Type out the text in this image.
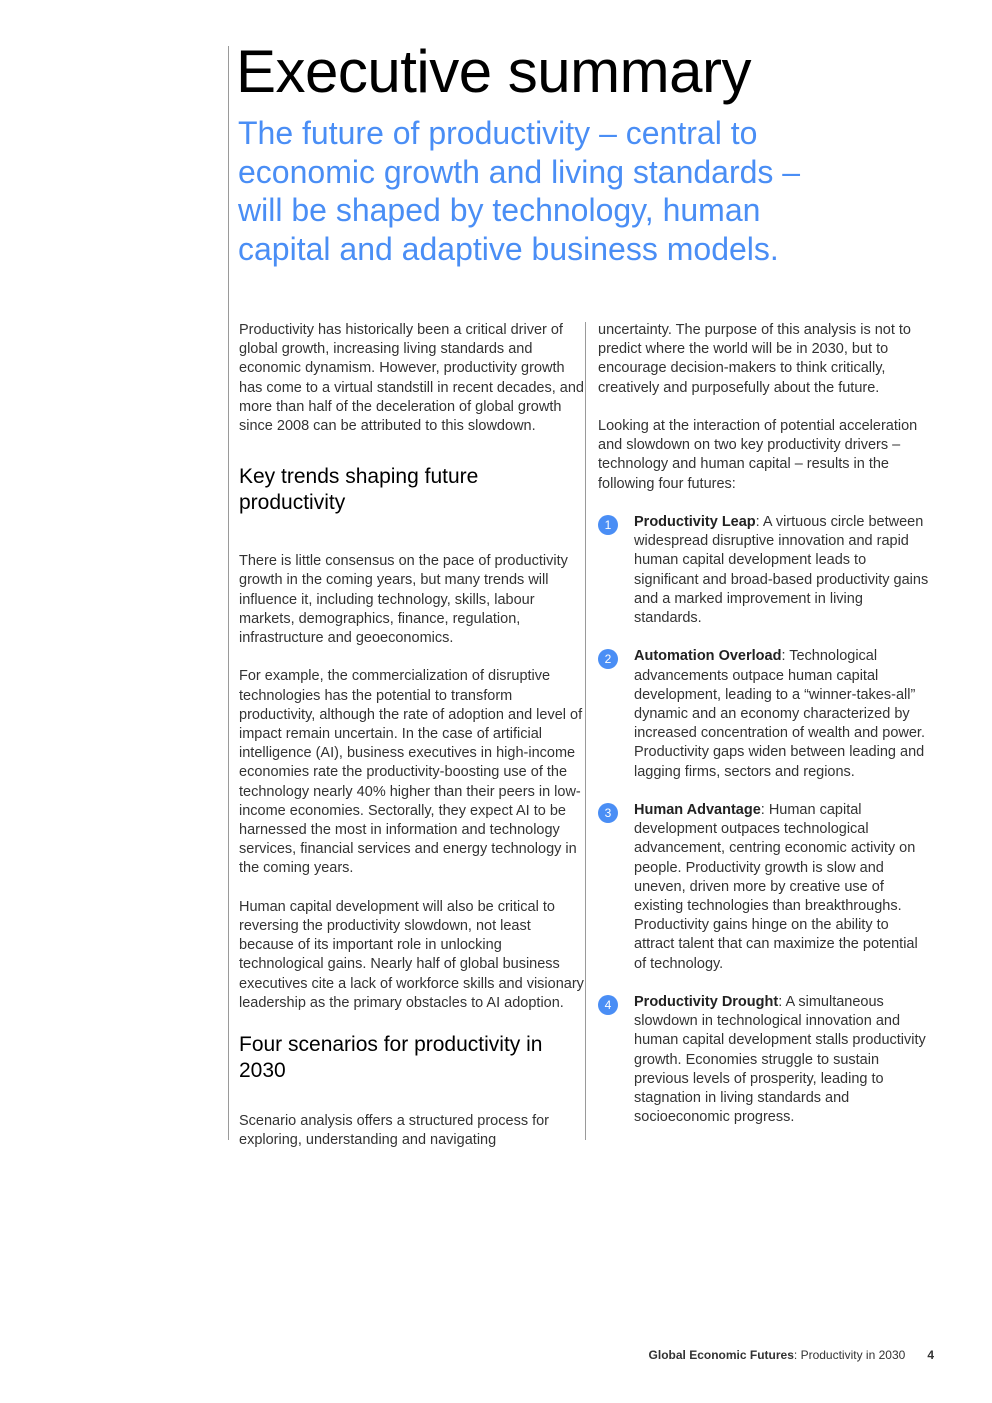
Executive summary
The future of productivity – central to economic growth and living standards – will be shaped by technology, human capital and adaptive business models.

Productivity has historically been a critical driver of global growth, increasing living standards and economic dynamism. However, productivity growth has come to a virtual standstill in recent decades, and more than half of the deceleration of global growth since 2008 can be attributed to this slowdown.

Key trends shaping future productivity

There is little consensus on the pace of productivity growth in the coming years, but many trends will influence it, including technology, skills, labour markets, demographics, finance, regulation, infrastructure and geoeconomics.

For example, the commercialization of disruptive technologies has the potential to transform productivity, although the rate of adoption and level of impact remain uncertain. In the case of artificial intelligence (AI), business executives in high-income economies rate the productivity-boosting use of the technology nearly 40% higher than their peers in low-income economies. Sectorally, they expect AI to be harnessed the most in information and technology services, financial services and energy technology in the coming years.

Human capital development will also be critical to reversing the productivity slowdown, not least because of its important role in unlocking technological gains. Nearly half of global business executives cite a lack of workforce skills and visionary leadership as the primary obstacles to AI adoption.

Four scenarios for productivity in 2030

Scenario analysis offers a structured process for exploring, understanding and navigating

uncertainty. The purpose of this analysis is not to predict where the world will be in 2030, but to encourage decision-makers to think critically, creatively and purposefully about the future.

Looking at the interaction of potential acceleration and slowdown on two key productivity drivers – technology and human capital – results in the following four futures:

1	Productivity Leap: A virtuous circle between widespread disruptive innovation and rapid human capital development leads to significant and broad-based productivity gains and a marked improvement in living standards.
2	Automation Overload: Technological advancements outpace human capital development, leading to a “winner-takes-all” dynamic and an economy characterized by increased concentration of wealth and power. Productivity gaps widen between leading and lagging firms, sectors and regions.
3	Human Advantage: Human capital development outpaces technological advancement, centring economic activity on people. Productivity growth is slow and uneven, driven more by creative use of existing technologies than breakthroughs. Productivity gains hinge on the ability to attract talent that can maximize the potential of technology.
4	Productivity Drought: A simultaneous slowdown in technological innovation and human capital development stalls productivity growth. Economies struggle to sustain previous levels of prosperity, leading to stagnation in living standards and socioeconomic progress.
Global Economic Futures: Productivity in 2030 4
